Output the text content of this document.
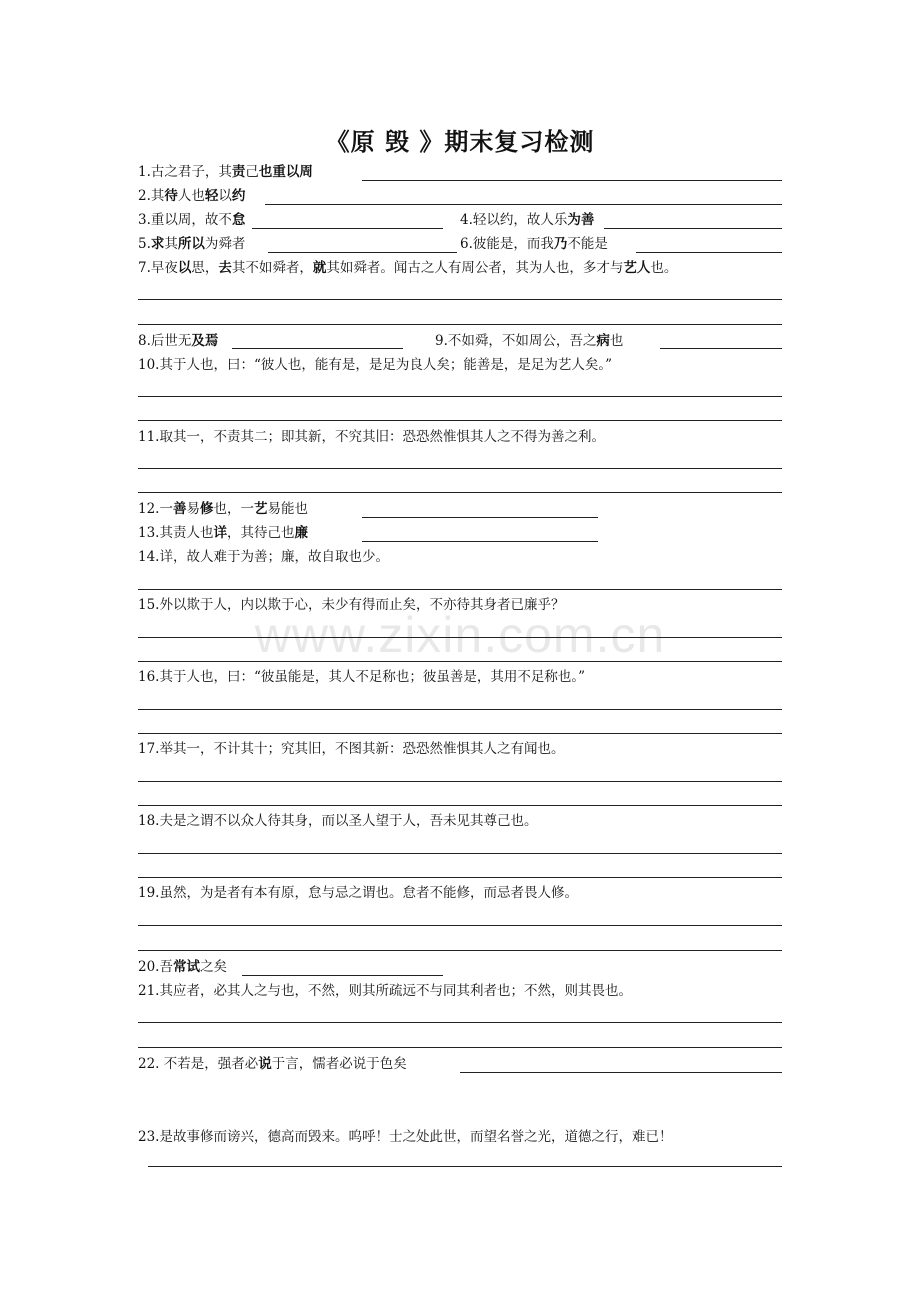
《原 毁 》期末复习检测
www.zixin.com.cn
1.古之君子，其责己也重以周
2.其待人也轻以约
3.重以周，故不怠	4.轻以约，故人乐为善
5.求其所以为舜者	6.彼能是，而我乃不能是
7.早夜以思，去其不如舜者，就其如舜者。闻古之人有周公者，其为人也，多才与艺人也。
8.后世无及焉	9.不如舜，不如周公，吾之病也
10.其于人也，曰：“彼人也，能有是，是足为良人矣；能善是，是足为艺人矣。”
11.取其一，不责其二；即其新，不究其旧：恐恐然惟惧其人之不得为善之利。
12.一善易修也，一艺易能也
13.其责人也详，其待己也廉
14.详，故人难于为善；廉，故自取也少。
15.外以欺于人，内以欺于心，未少有得而止矣，不亦待其身者已廉乎？
16.其于人也，曰：“彼虽能是，其人不足称也；彼虽善是，其用不足称也。”
17.举其一，不计其十；究其旧，不图其新：恐恐然惟惧其人之有闻也。
18.夫是之谓不以众人待其身，而以圣人望于人，吾未见其尊己也。
19.虽然，为是者有本有原，怠与忌之谓也。怠者不能修，而忌者畏人修。
20.吾常试之矣
21.其应者，必其人之与也，不然，则其所疏远不与同其利者也；不然，则其畏也。
22. 不若是，强者必说于言，懦者必说于色矣
23.是故事修而谤兴，德高而毁来。呜呼！士之处此世，而望名誉之光，道德之行，难已！
